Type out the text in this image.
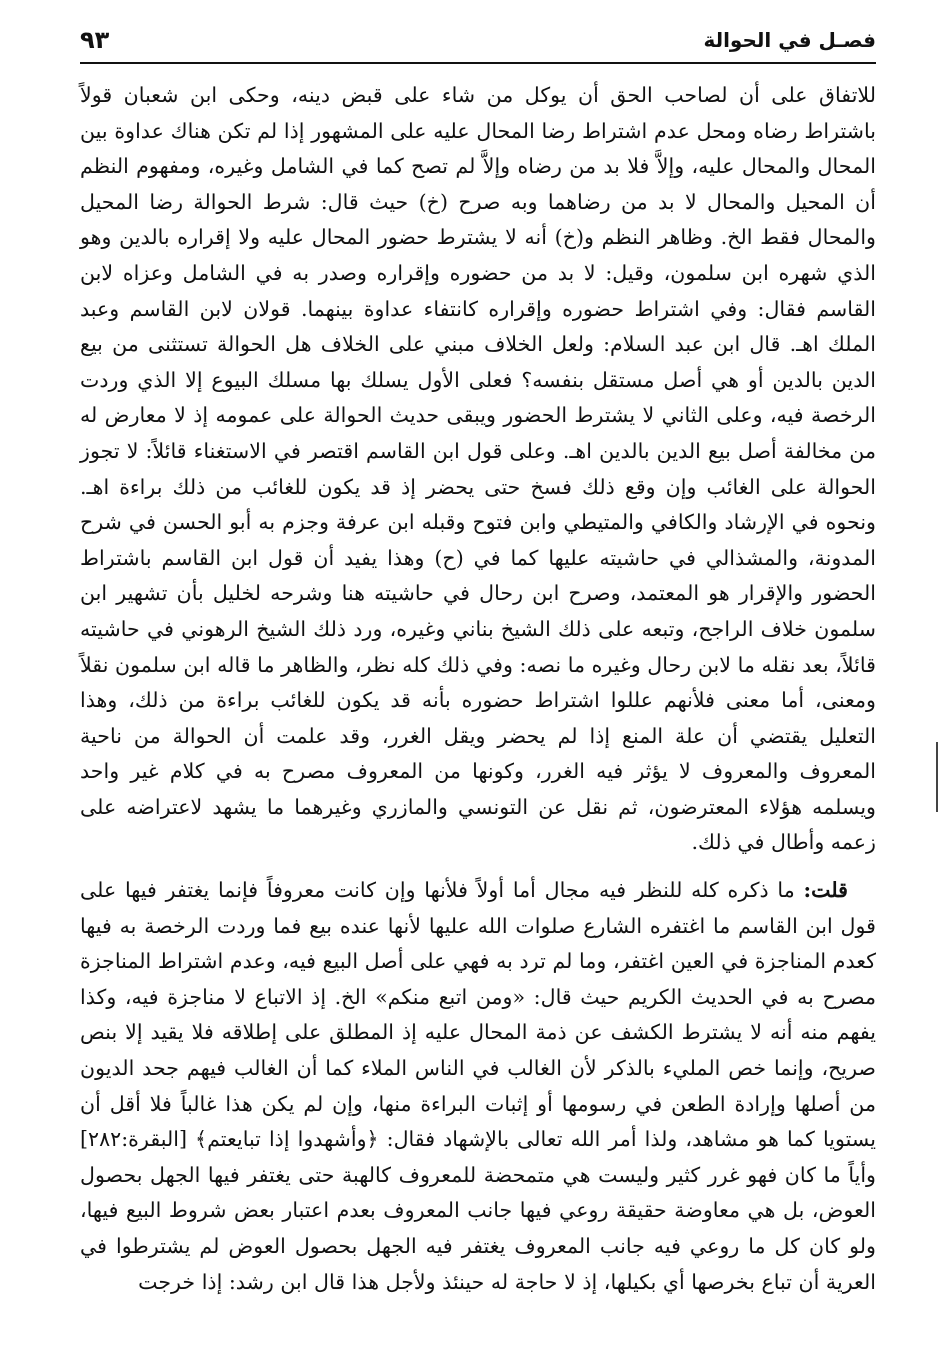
فصـل في الحوالة
٩٣

للاتفاق على أن لصاحب الحق أن يوكل من شاء على قبض دينه، وحكى ابن شعبان قولاً باشتراط رضاه ومحل عدم اشتراط رضا المحال عليه على المشهور إذا لم تكن هناك عداوة بين المحال والمحال عليه، وإلاَّ فلا بد من رضاه وإلاَّ لم تصح كما في الشامل وغيره، ومفهوم النظم أن المحيل والمحال لا بد من رضاهما وبه صرح (خ) حيث قال: شرط الحوالة رضا المحيل والمحال فقط الخ. وظاهر النظم و(خ) أنه لا يشترط حضور المحال عليه ولا إقراره بالدين وهو الذي شهره ابن سلمون، وقيل: لا بد من حضوره وإقراره وصدر به في الشامل وعزاه لابن القاسم فقال: وفي اشتراط حضوره وإقراره كانتفاء عداوة بينهما. قولان لابن القاسم وعبد الملك اهـ. قال ابن عبد السلام: ولعل الخلاف مبني على الخلاف هل الحوالة تستثنى من بيع الدين بالدين أو هي أصل مستقل بنفسه؟ فعلى الأول يسلك بها مسلك البيوع إلا الذي وردت الرخصة فيه، وعلى الثاني لا يشترط الحضور ويبقى حديث الحوالة على عمومه إذ لا معارض له من مخالفة أصل بيع الدين بالدين اهـ. وعلى قول ابن القاسم اقتصر في الاستغناء قائلاً: لا تجوز الحوالة على الغائب وإن وقع ذلك فسخ حتى يحضر إذ قد يكون للغائب من ذلك براءة اهـ. ونحوه في الإرشاد والكافي والمتيطي وابن فتوح وقبله ابن عرفة وجزم به أبو الحسن في شرح المدونة، والمشذالي في حاشيته عليها كما في (ح) وهذا يفيد أن قول ابن القاسم باشتراط الحضور والإقرار هو المعتمد، وصرح ابن رحال في حاشيته هنا وشرحه لخليل بأن تشهير ابن سلمون خلاف الراجح، وتبعه على ذلك الشيخ بناني وغيره، ورد ذلك الشيخ الرهوني في حاشيته قائلاً، بعد نقله ما لابن رحال وغيره ما نصه: وفي ذلك كله نظر، والظاهر ما قاله ابن سلمون نقلاً ومعنى، أما معنى فلأنهم عللوا اشتراط حضوره بأنه قد يكون للغائب براءة من ذلك، وهذا التعليل يقتضي أن علة المنع إذا لم يحضر ويقل الغرر، وقد علمت أن الحوالة من ناحية المعروف والمعروف لا يؤثر فيه الغرر، وكونها من المعروف مصرح به في كلام غير واحد ويسلمه هؤلاء المعترضون، ثم نقل عن التونسي والمازري وغيرهما ما يشهد لاعتراضه على زعمه وأطال في ذلك.

قلت: ما ذكره كله للنظر فيه مجال أما أولاً فلأنها وإن كانت معروفاً فإنما يغتفر فيها على قول ابن القاسم ما اغتفره الشارع صلوات الله عليها لأنها عنده بيع فما وردت الرخصة به فيها كعدم المناجزة في العين اغتفر، وما لم ترد به فهي على أصل البيع فيه، وعدم اشتراط المناجزة مصرح به في الحديث الكريم حيث قال: «ومن اتبع منكم» الخ. إذ الاتباع لا مناجزة فيه، وكذا يفهم منه أنه لا يشترط الكشف عن ذمة المحال عليه إذ المطلق على إطلاقه فلا يقيد إلا بنص صريح، وإنما خص المليء بالذكر لأن الغالب في الناس الملاء كما أن الغالب فيهم جحد الديون من أصلها وإرادة الطعن في رسومها أو إثبات البراءة منها، وإن لم يكن هذا غالباً فلا أقل أن يستويا كما هو مشاهد، ولذا أمر الله تعالى بالإشهاد فقال: ﴿وأشهدوا إذا تبايعتم﴾ [البقرة:٢٨٢] وأياً ما كان فهو غرر كثير وليست هي متمحضة للمعروف كالهبة حتى يغتفر فيها الجهل بحصول العوض، بل هي معاوضة حقيقة روعي فيها جانب المعروف بعدم اعتبار بعض شروط البيع فيها، ولو كان كل ما روعي فيه جانب المعروف يغتفر فيه الجهل بحصول العوض لم يشترطوا في العرية أن تباع بخرصها أي بكيلها، إذ لا حاجة له حينئذ ولأجل هذا قال ابن رشد: إذا خرجت
